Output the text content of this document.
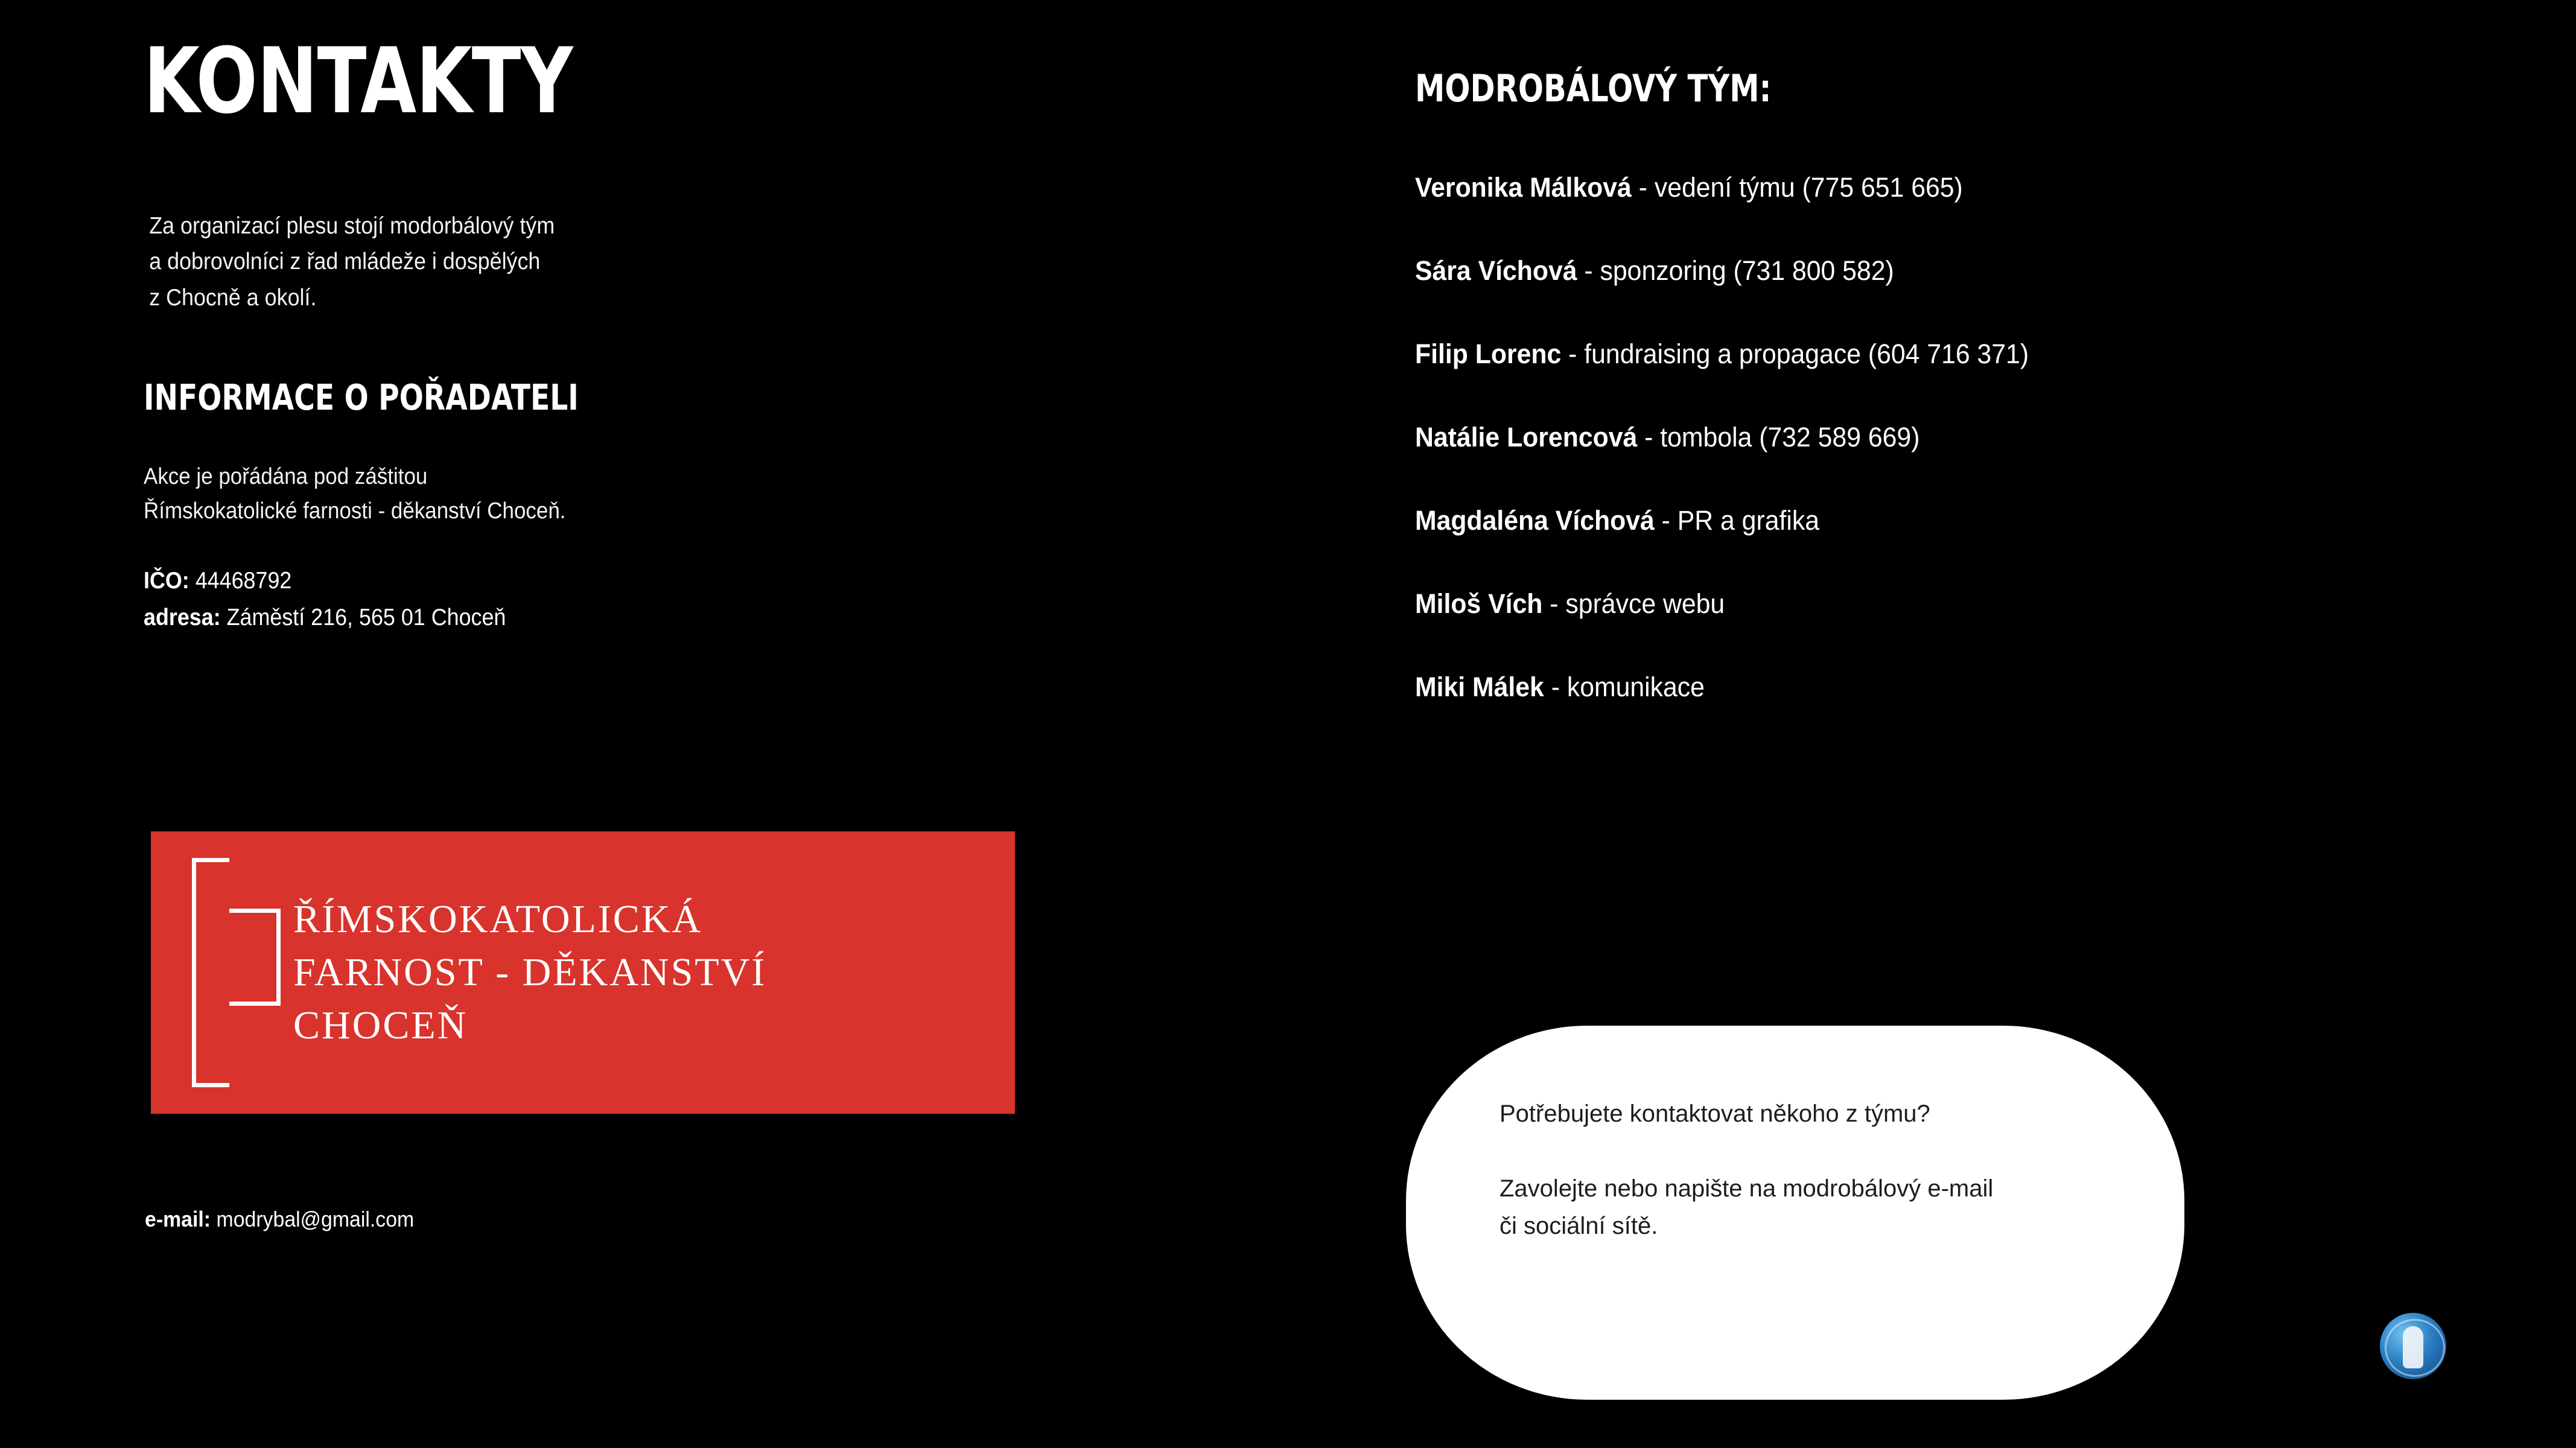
KONTAKTY
Za organizací plesu stojí modorbálový tým
a dobrovolníci z řad mládeže i dospělých
z Chocně a okolí.
INFORMACE O POŘADATELI
Akce je pořádána pod záštitou
Římskokatolické farnosti - děkanství Choceň.
IČO: 44468792
adresa: Záměstí 216, 565 01 Choceň
ŘÍMSKOKATOLICKÁ
FARNOST - DĚKANSTVÍ
CHOCEŇ
e-mail: modrybal@gmail.com
MODROBÁLOVÝ TÝM:
Veronika Málková - vedení týmu (775 651 665)
Sára Víchová - sponzoring (731 800 582)
Filip Lorenc - fundraising a propagace (604 716 371)
Natálie Lorencová - tombola (732 589 669)
Magdaléna Víchová - PR a grafika
Miloš Vích - správce webu
Miki Málek - komunikace
Potřebujete kontaktovat někoho z týmu?
Zavolejte nebo napište na modrobálový e-mail
či sociální sítě.
